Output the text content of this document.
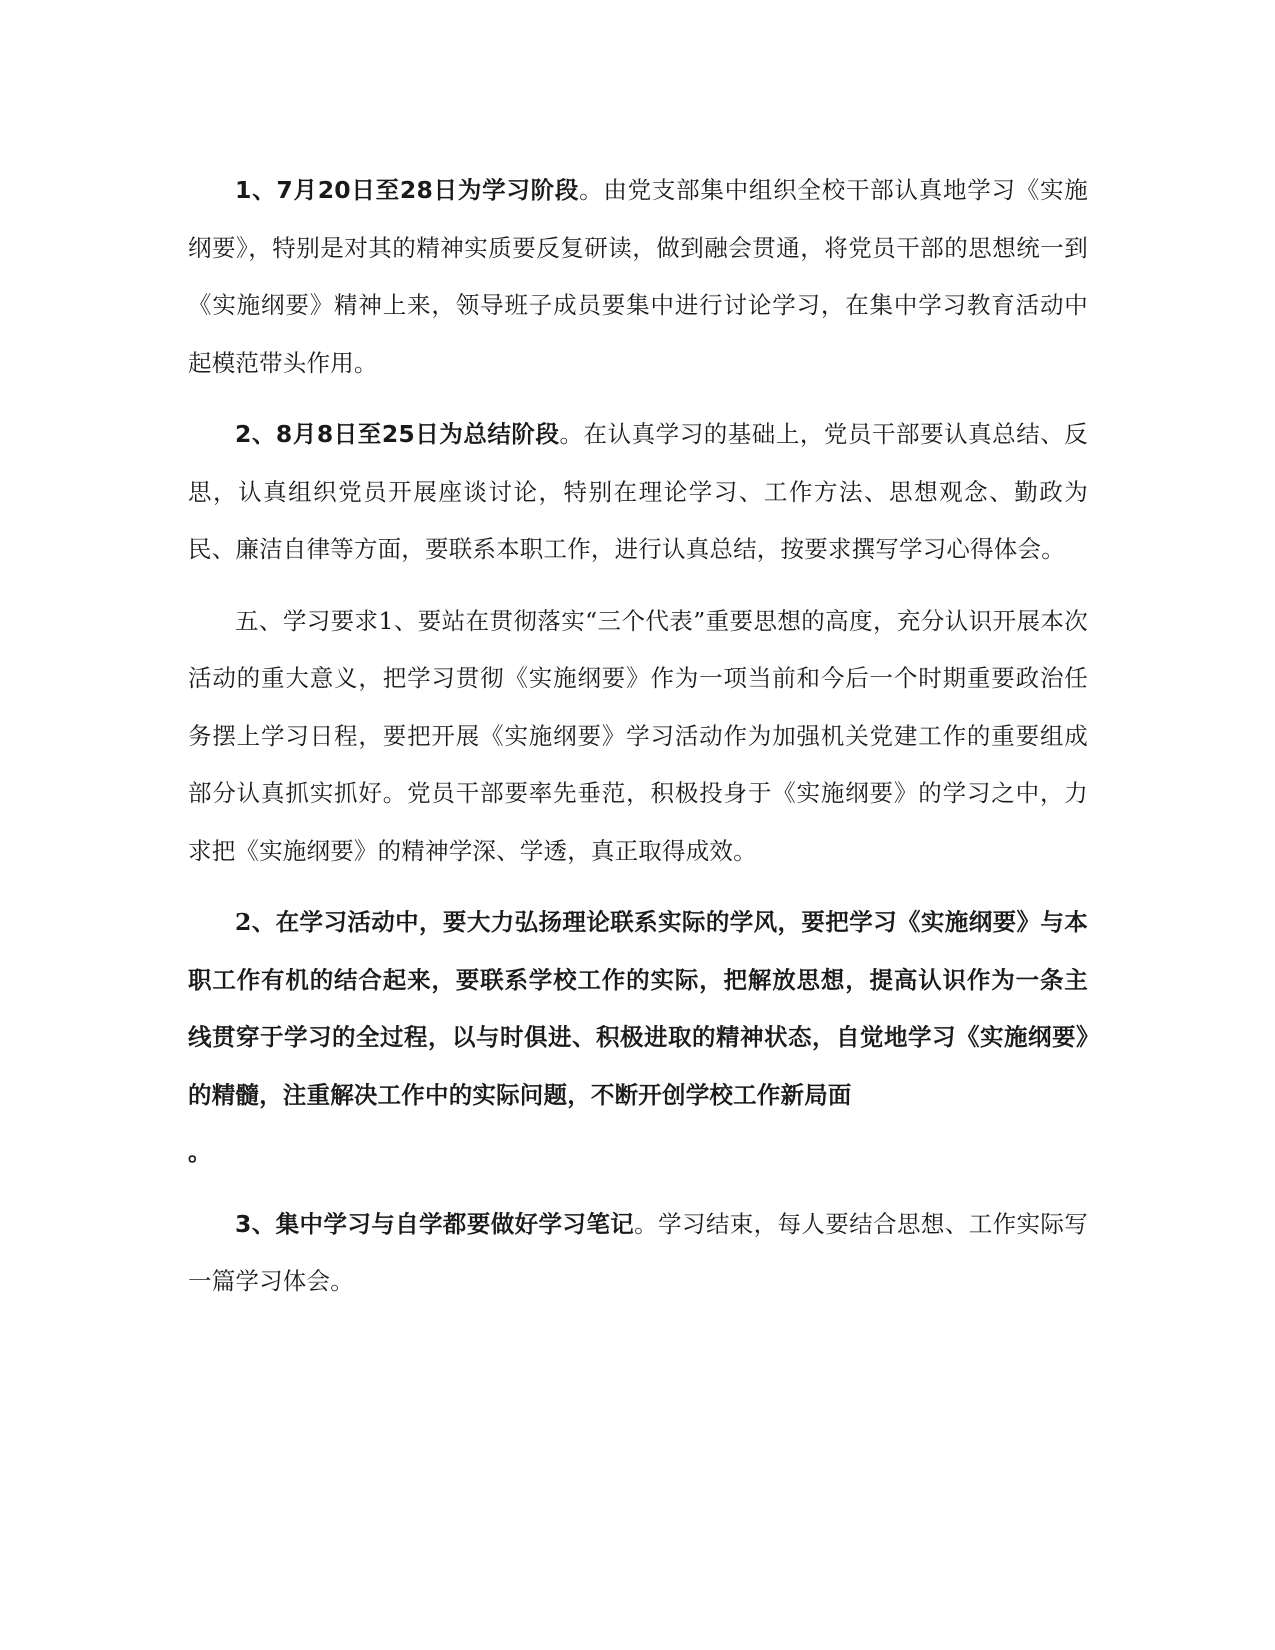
1、7月20日至28日为学习阶段。由党支部集中组织全校干部认真地学习《实施纲要》，特别是对其的精神实质要反复研读，做到融会贯通，将党员干部的思想统一到《实施纲要》精神上来，领导班子成员要集中进行讨论学习，在集中学习教育活动中起模范带头作用。

2、8月8日至25日为总结阶段。在认真学习的基础上，党员干部要认真总结、反思，认真组织党员开展座谈讨论，特别在理论学习、工作方法、思想观念、勤政为民、廉洁自律等方面，要联系本职工作，进行认真总结，按要求撰写学习心得体会。

五、学习要求1、要站在贯彻落实“三个代表”重要思想的高度，充分认识开展本次活动的重大意义，把学习贯彻《实施纲要》作为一项当前和今后一个时期重要政治任务摆上学习日程，要把开展《实施纲要》学习活动作为加强机关党建工作的重要组成部分认真抓实抓好。党员干部要率先垂范，积极投身于《实施纲要》的学习之中，力求把《实施纲要》的精神学深、学透，真正取得成效。

2、在学习活动中，要大力弘扬理论联系实际的学风，要把学习《实施纲要》与本职工作有机的结合起来，要联系学校工作的实际，把解放思想，提高认识作为一条主线贯穿于学习的全过程，以与时俱进、积极进取的精神状态，自觉地学习《实施纲要》的精髓，注重解决工作中的实际问题，不断开创学校工作新局面
。

3、集中学习与自学都要做好学习笔记。学习结束，每人要结合思想、工作实际写一篇学习体会。
